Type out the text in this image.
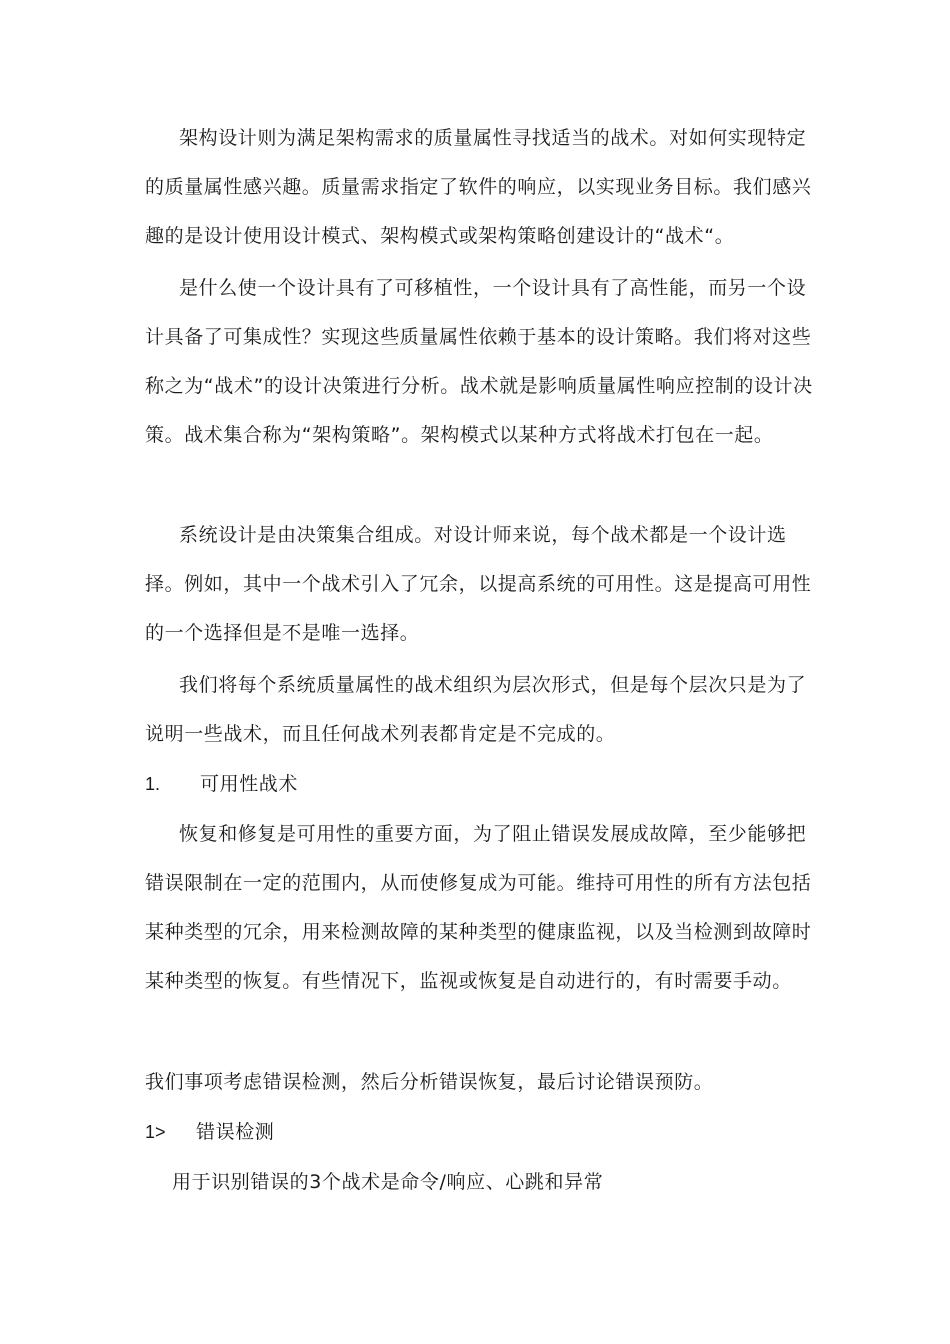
架构设计则为满足架构需求的质量属性寻找适当的战术。对如何实现特定的质量属性感兴趣。质量需求指定了软件的响应，以实现业务目标。我们感兴趣的是设计使用设计模式、架构模式或架构策略创建设计的“战术“。

是什么使一个设计具有了可移植性，一个设计具有了高性能，而另一个设计具备了可集成性？实现这些质量属性依赖于基本的设计策略。我们将对这些称之为“战术”的设计决策进行分析。战术就是影响质量属性响应控制的设计决策。战术集合称为“架构策略”。架构模式以某种方式将战术打包在一起。

系统设计是由决策集合组成。对设计师来说，每个战术都是一个设计选择。例如，其中一个战术引入了冗余，以提高系统的可用性。这是提高可用性的一个选择但是不是唯一选择。

我们将每个系统质量属性的战术组织为层次形式，但是每个层次只是为了说明一些战术，而且任何战术列表都肯定是不完成的。

1. 可用性战术

恢复和修复是可用性的重要方面，为了阻止错误发展成故障，至少能够把错误限制在一定的范围内，从而使修复成为可能。维持可用性的所有方法包括某种类型的冗余，用来检测故障的某种类型的健康监视，以及当检测到故障时某种类型的恢复。有些情况下，监视或恢复是自动进行的，有时需要手动。

我们事项考虑错误检测，然后分析错误恢复，最后讨论错误预防。

1> 错误检测

用于识别错误的3个战术是命令/响应、心跳和异常
